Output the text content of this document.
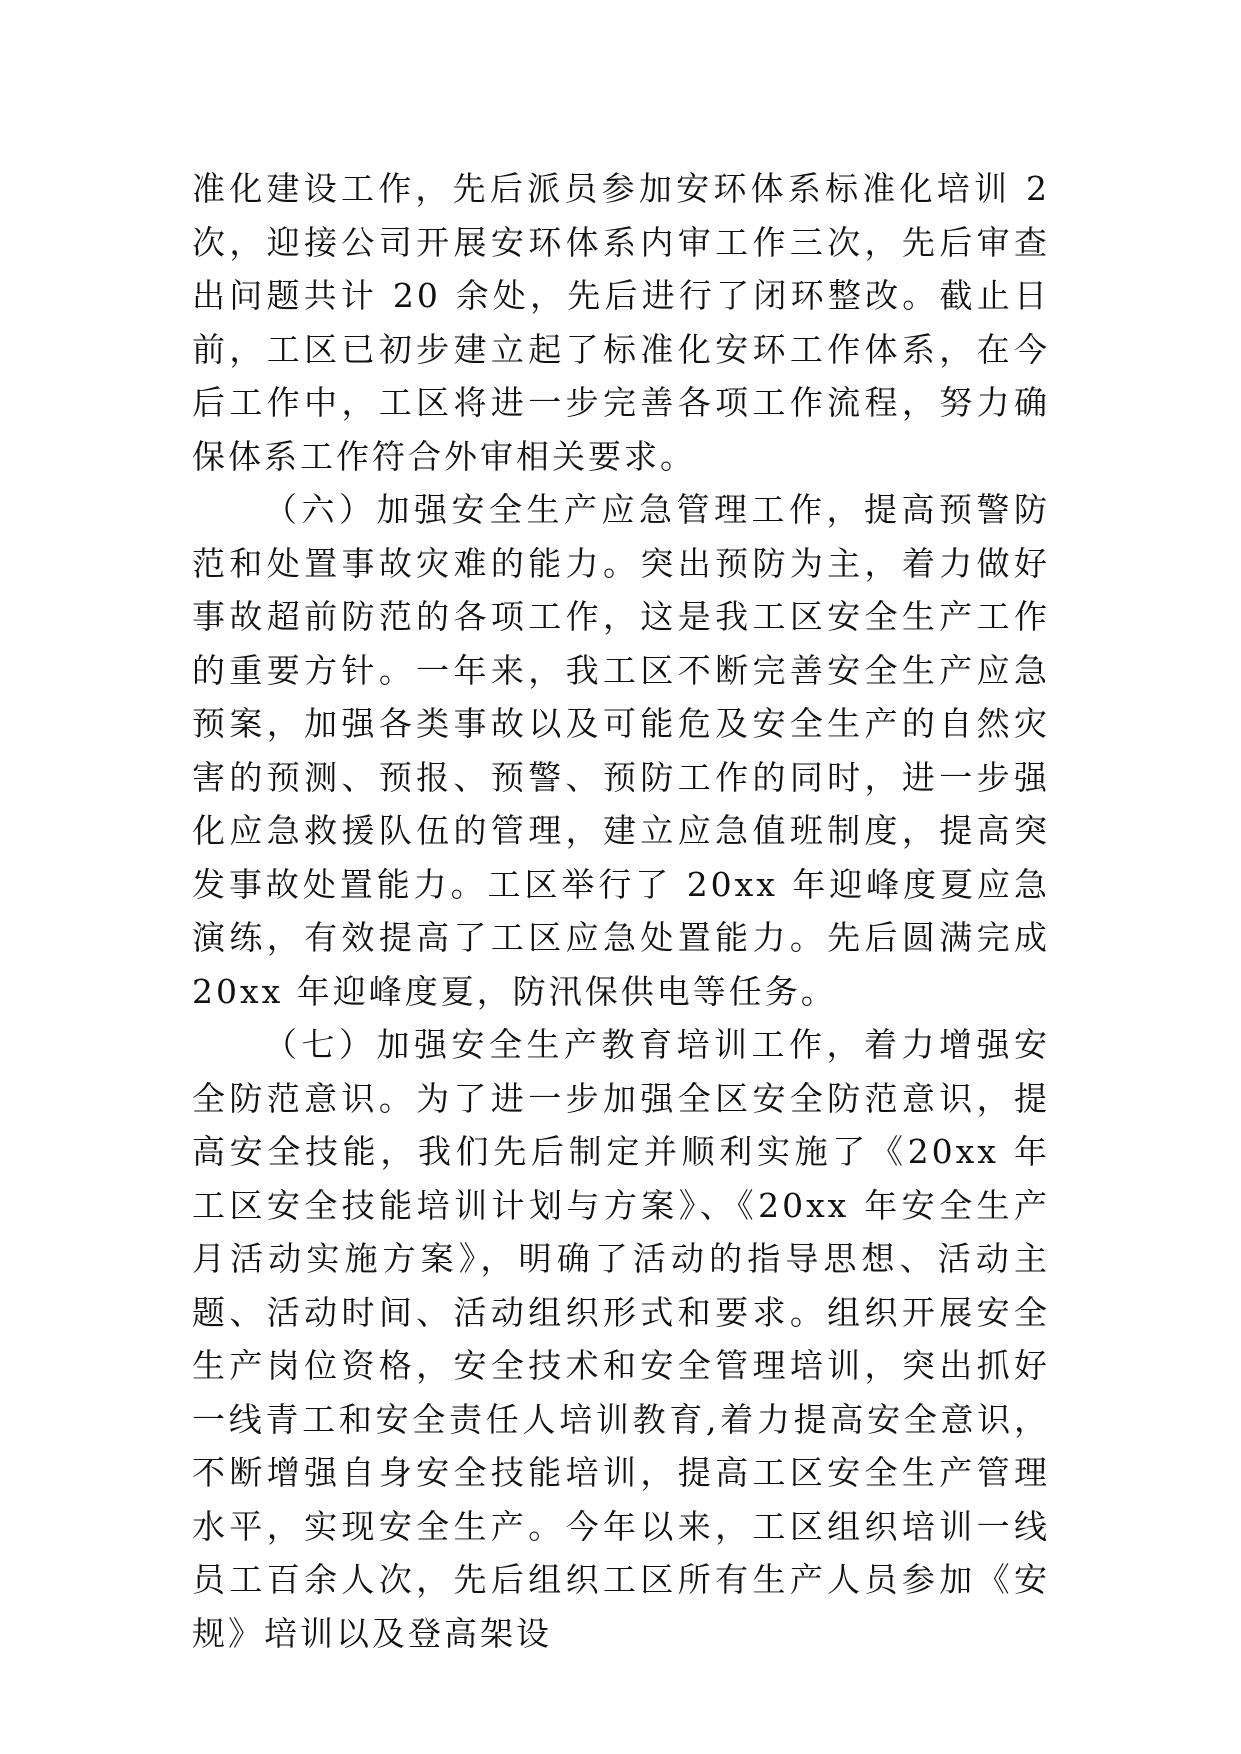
准化建设工作，先后派员参加安环体系标准化培训 2 次，迎接公司开展安环体系内审工作三次，先后审查出问题共计 20 余处，先后进行了闭环整改。截止日前，工区已初步建立起了标准化安环工作体系，在今后工作中，工区将进一步完善各项工作流程，努力确保体系工作符合外审相关要求。

（六）加强安全生产应急管理工作，提高预警防范和处置事故灾难的能力。突出预防为主，着力做好事故超前防范的各项工作，这是我工区安全生产工作的重要方针。一年来，我工区不断完善安全生产应急预案，加强各类事故以及可能危及安全生产的自然灾害的预测、预报、预警、预防工作的同时，进一步强化应急救援队伍的管理，建立应急值班制度，提高突发事故处置能力。工区举行了 20xx 年迎峰度夏应急演练，有效提高了工区应急处置能力。先后圆满完成 20xx 年迎峰度夏，防汛保供电等任务。

（七）加强安全生产教育培训工作，着力增强安全防范意识。为了进一步加强全区安全防范意识，提高安全技能，我们先后制定并顺利实施了《20xx 年工区安全技能培训计划与方案》、《20xx 年安全生产月活动实施方案》，明确了活动的指导思想、活动主题、活动时间、活动组织形式和要求。组织开展安全生产岗位资格，安全技术和安全管理培训，突出抓好一线青工和安全责任人培训教育,着力提高安全意识，不断增强自身安全技能培训，提高工区安全生产管理水平，实现安全生产。今年以来，工区组织培训一线员工百余人次，先后组织工区所有生产人员参加《安规》培训以及登高架设
